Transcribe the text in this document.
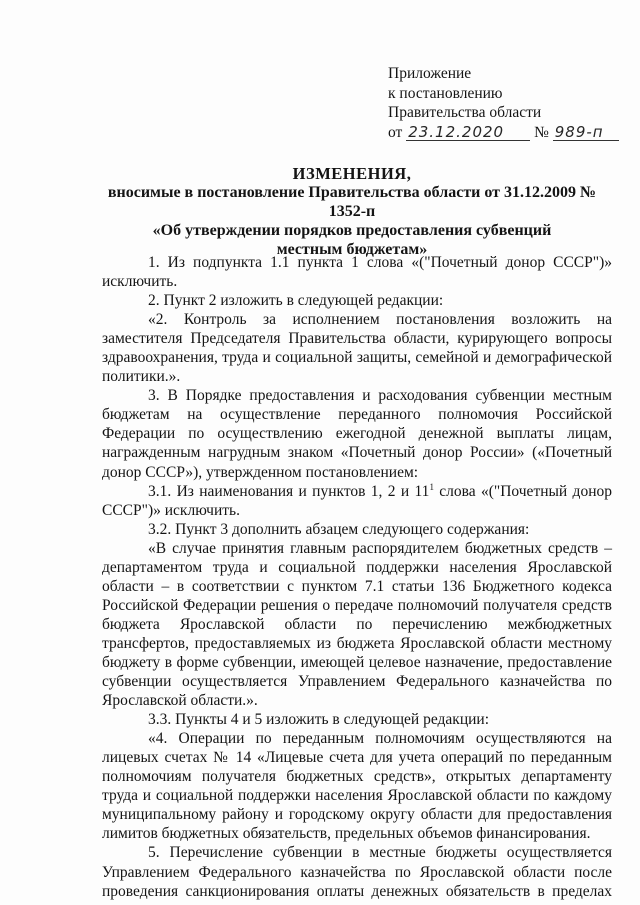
Приложение
к постановлению
Правительства области
от 23.12.2020 № 989-п
ИЗМЕНЕНИЯ,
вносимые в постановление Правительства области от 31.12.2009 № 1352-п
«Об утверждении порядков предоставления субвенций
местным бюджетам»

1. Из подпункта 1.1 пункта 1 слова «("Почетный донор СССР")» исключить.

2. Пункт 2 изложить в следующей редакции:

«2. Контроль за исполнением постановления возложить на заместителя Председателя Правительства области, курирующего вопросы здравоохранения, труда и социальной защиты, семейной и демографической политики.».

3. В Порядке предоставления и расходования субвенции местным бюджетам на осуществление переданного полномочия Российской Федерации по осуществлению ежегодной денежной выплаты лицам, награжденным нагрудным знаком «Почетный донор России» («Почетный донор СССР»), утвержденном постановлением:

3.1. Из наименования и пунктов 1, 2 и $11^1$ слова «("Почетный донор СССР")» исключить.

3.2. Пункт 3 дополнить абзацем следующего содержания:

«В случае принятия главным распорядителем бюджетных средств – департаментом труда и социальной поддержки населения Ярославской области – в соответствии с пунктом 7.1 статьи 136 Бюджетного кодекса Российской Федерации решения о передаче полномочий получателя средств бюджета Ярославской области по перечислению межбюджетных трансфертов, предоставляемых из бюджета Ярославской области местному бюджету в форме субвенции, имеющей целевое назначение, предоставление субвенции осуществляется Управлением Федерального казначейства по Ярославской области.».

3.3. Пункты 4 и 5 изложить в следующей редакции:

«4. Операции по переданным полномочиям осуществляются на лицевых счетах № 14 «Лицевые счета для учета операций по переданным полномочиям получателя бюджетных средств», открытых департаменту труда и социальной поддержки населения Ярославской области по каждому муниципальному району и городскому округу области для предоставления лимитов бюджетных обязательств, предельных объемов финансирования.

5. Перечисление субвенции в местные бюджеты осуществляется Управлением Федерального казначейства по Ярославской области после проведения санкционирования оплаты денежных обязательств в пределах
